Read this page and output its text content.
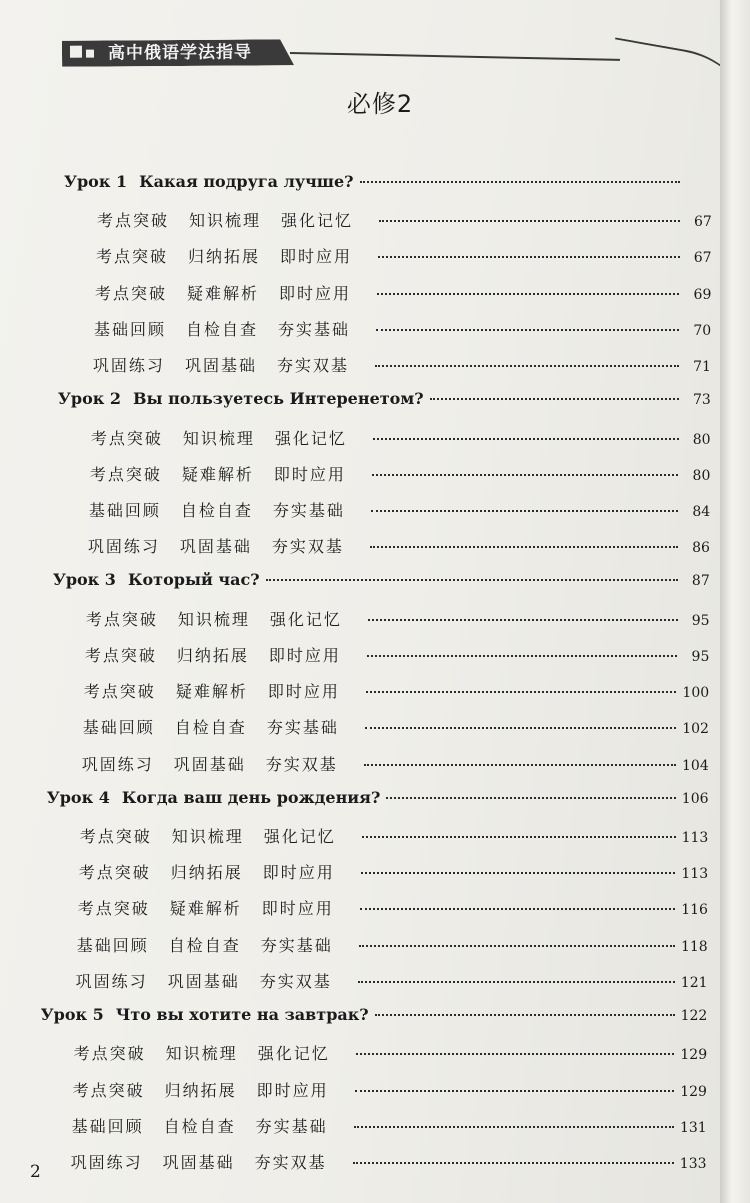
高中俄语学法指导
必修2
Урок 1 Какая подруга лучше?
考点突破 知识梳理 强化记忆	67
考点突破 归纳拓展 即时应用	67
考点突破 疑难解析 即时应用	69
基础回顾 自检自查 夯实基础	70
巩固练习 巩固基础 夯实双基	71
Урок 2 Вы пользуетесь Интеренетом?	73
考点突破 知识梳理 强化记忆	80
考点突破 疑难解析 即时应用	80
基础回顾 自检自查 夯实基础	84
巩固练习 巩固基础 夯实双基	86
Урок 3 Который час?	87
考点突破 知识梳理 强化记忆	95
考点突破 归纳拓展 即时应用	95
考点突破 疑难解析 即时应用	100
基础回顾 自检自查 夯实基础	102
巩固练习 巩固基础 夯实双基	104
Урок 4 Когда ваш день рождения?	106
考点突破 知识梳理 强化记忆	113
考点突破 归纳拓展 即时应用	113
考点突破 疑难解析 即时应用	116
基础回顾 自检自查 夯实基础	118
巩固练习 巩固基础 夯实双基	121
Урок 5 Что вы хотите на завтрак?	122
考点突破 知识梳理 强化记忆	129
考点突破 归纳拓展 即时应用	129
基础回顾 自检自查 夯实基础	131
巩固练习 巩固基础 夯实双基	133
2
